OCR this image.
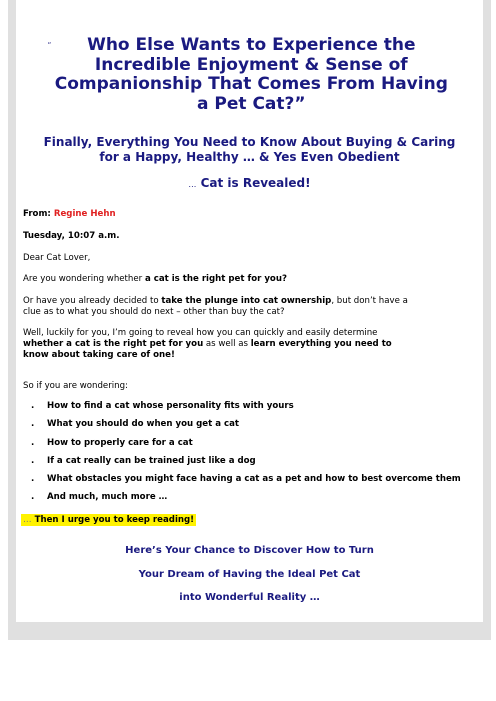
“ Who Else Wants to Experience the Incredible Enjoyment & Sense of Companionship That Comes From Having a Pet Cat?”
Finally, Everything You Need to Know About Buying & Caring for a Happy, Healthy … & Yes Even Obedient
… Cat is Revealed!
From: Regine Hehn
Tuesday, 10:07 a.m.
Dear Cat Lover,
Are you wondering whether a cat is the right pet for you?
Or have you already decided to take the plunge into cat ownership, but don’t have a
clue as to what you should do next – other than buy the cat?
Well, luckily for you, I’m going to reveal how you can quickly and easily determine
whether a cat is the right pet for you as well as learn everything you need to
know about taking care of one!
So if you are wondering:
. How to find a cat whose personality fits with yours
. What you should do when you get a cat
. How to properly care for a cat
. If a cat really can be trained just like a dog
. What obstacles you might face having a cat as a pet and how to best overcome them
. And much, much more …
… Then I urge you to keep reading!
Here’s Your Chance to Discover How to Turn
Your Dream of Having the Ideal Pet Cat
into Wonderful Reality …
